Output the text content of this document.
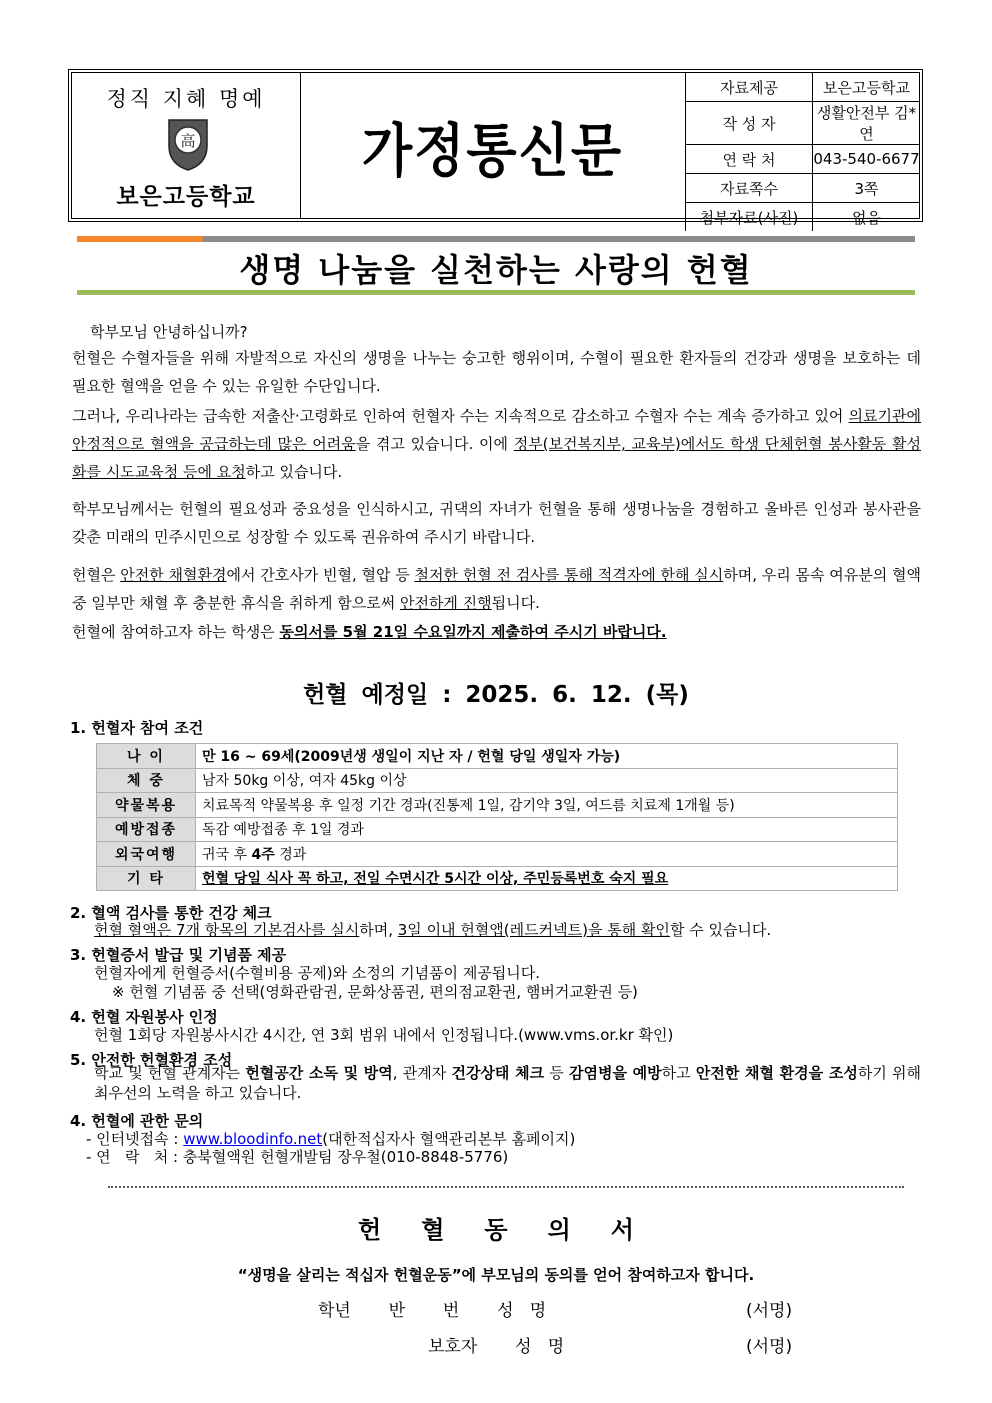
정직 지혜 명예
高
보은고등학교
가정통신문
자료제공	보은고등학교
작 성 자	생활안전부 김*연
연 락 처	043-540-6677
자료쪽수	3쪽
첨부자료(사진)	없음
생명 나눔을 실천하는 사랑의 헌혈
학부모님 안녕하십니까?
헌혈은 수혈자들을 위해 자발적으로 자신의 생명을 나누는 숭고한 행위이며, 수혈이 필요한 환자들의 건강과 생명을 보호하는 데 필요한 혈액을 얻을 수 있는 유일한 수단입니다.
그러나, 우리나라는 급속한 저출산·고령화로 인하여 헌혈자 수는 지속적으로 감소하고 수혈자 수는 계속 증가하고 있어 의료기관에 안정적으로 혈액을 공급하는데 많은 어려움을 겪고 있습니다. 이에 정부(보건복지부, 교육부)에서도 학생 단체헌혈 봉사활동 활성화를 시도교육청 등에 요청하고 있습니다.
학부모님께서는 헌혈의 필요성과 중요성을 인식하시고, 귀댁의 자녀가 헌혈을 통해 생명나눔을 경험하고 올바른 인성과 봉사관을 갖춘 미래의 민주시민으로 성장할 수 있도록 권유하여 주시기 바랍니다.
헌혈은 안전한 채혈환경에서 간호사가 빈혈, 혈압 등 철저한 헌혈 전 검사를 통해 적격자에 한해 실시하며, 우리 몸속 여유분의 혈액 중 일부만 채혈 후 충분한 휴식을 취하게 함으로써 안전하게 진행됩니다.
헌혈에 참여하고자 하는 학생은 동의서를 5월 21일 수요일까지 제출하여 주시기 바랍니다.
헌혈 예정일 : 2025. 6. 12. (목)
1. 헌혈자 참여 조건
나 이	만 16 ~ 69세(2009년생 생일이 지난 자 / 헌혈 당일 생일자 가능)
체 중	남자 50kg 이상, 여자 45kg 이상
약물복용	치료목적 약물복용 후 일정 기간 경과(진통제 1일, 감기약 3일, 여드름 치료제 1개월 등)
예방접종	독감 예방접종 후 1일 경과
외국여행	귀국 후 4주 경과
기 타	헌혈 당일 식사 꼭 하고, 전일 수면시간 5시간 이상, 주민등록번호 숙지 필요
2. 혈액 검사를 통한 건강 체크
헌혈 혈액은 7개 항목의 기본검사를 실시하며, 3일 이내 헌혈앱(레드커넥트)을 통해 확인할 수 있습니다.
3. 헌혈증서 발급 및 기념품 제공
헌혈자에게 헌혈증서(수혈비용 공제)와 소정의 기념품이 제공됩니다.
※ 헌혈 기념품 중 선택(영화관람권, 문화상품권, 편의점교환권, 햄버거교환권 등)
4. 헌혈 자원봉사 인정
헌혈 1회당 자원봉사시간 4시간, 연 3회 범위 내에서 인정됩니다.(www.vms.or.kr 확인)
5. 안전한 헌혈환경 조성
학교 및 헌혈 관계자는 헌혈공간 소독 및 방역, 관계자 건강상태 체크 등 감염병을 예방하고 안전한 채혈 환경을 조성하기 위해 최우선의 노력을 하고 있습니다.
4. 헌혈에 관한 문의
- 인터넷접속 : www.bloodinfo.net(대한적십자사 혈액관리본부 홈페이지)
- 연   락   처 : 충북혈액원 헌혈개발팀 장우철(010-8848-5776)
헌혈동의서
“생명을 살리는 적십자 헌혈운동”에 부모님의 동의를 얻어 참여하고자 합니다.
학년       반       번       성   명	(서명)
보호자       성   명	(서명)
